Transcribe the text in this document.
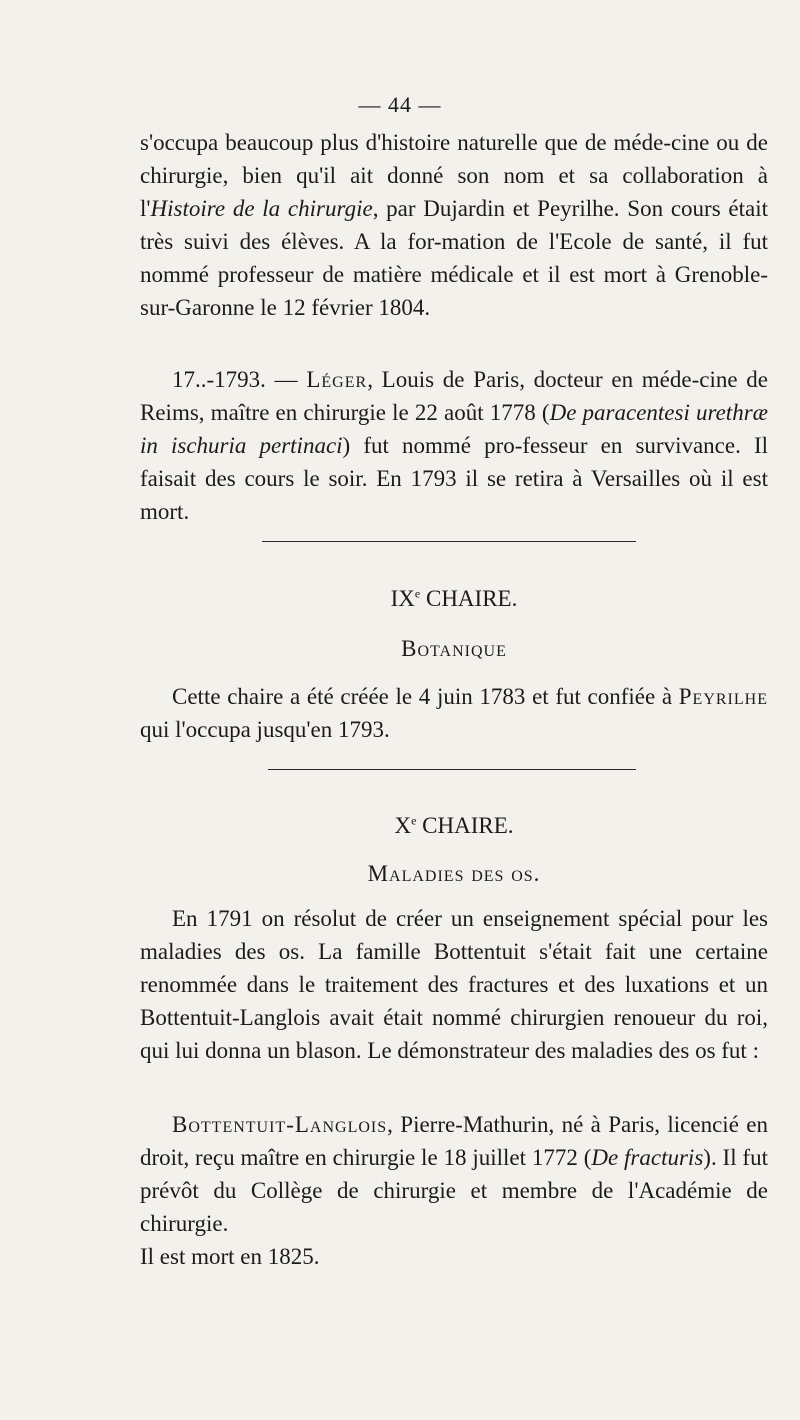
— 44 —

s'occupa beaucoup plus d'histoire naturelle que de méde-cine ou de chirurgie, bien qu'il ait donné son nom et sa collaboration à l'Histoire de la chirurgie, par Dujardin et Peyrilhe. Son cours était très suivi des élèves. A la for-mation de l'Ecole de santé, il fut nommé professeur de matière médicale et il est mort à Grenoble-sur-Garonne le 12 février 1804.

17..-1793. — Léger, Louis de Paris, docteur en méde-cine de Reims, maître en chirurgie le 22 août 1778 (De paracentesi urethræ in ischuria pertinaci) fut nommé pro-fesseur en survivance. Il faisait des cours le soir. En 1793 il se retira à Versailles où il est mort.

IXe CHAIRE.
Botanique

Cette chaire a été créée le 4 juin 1783 et fut confiée à Peyrilhe qui l'occupa jusqu'en 1793.

Xe CHAIRE.
Maladies des os.

En 1791 on résolut de créer un enseignement spécial pour les maladies des os. La famille Bottentuit s'était fait une certaine renommée dans le traitement des fractures et des luxations et un Bottentuit-Langlois avait était nommé chirurgien renoueur du roi, qui lui donna un blason. Le démonstrateur des maladies des os fut :

Bottentuit-Langlois, Pierre-Mathurin, né à Paris, licencié en droit, reçu maître en chirurgie le 18 juillet 1772 (De fracturis). Il fut prévôt du Collège de chirurgie et membre de l'Académie de chirurgie.

Il est mort en 1825.
